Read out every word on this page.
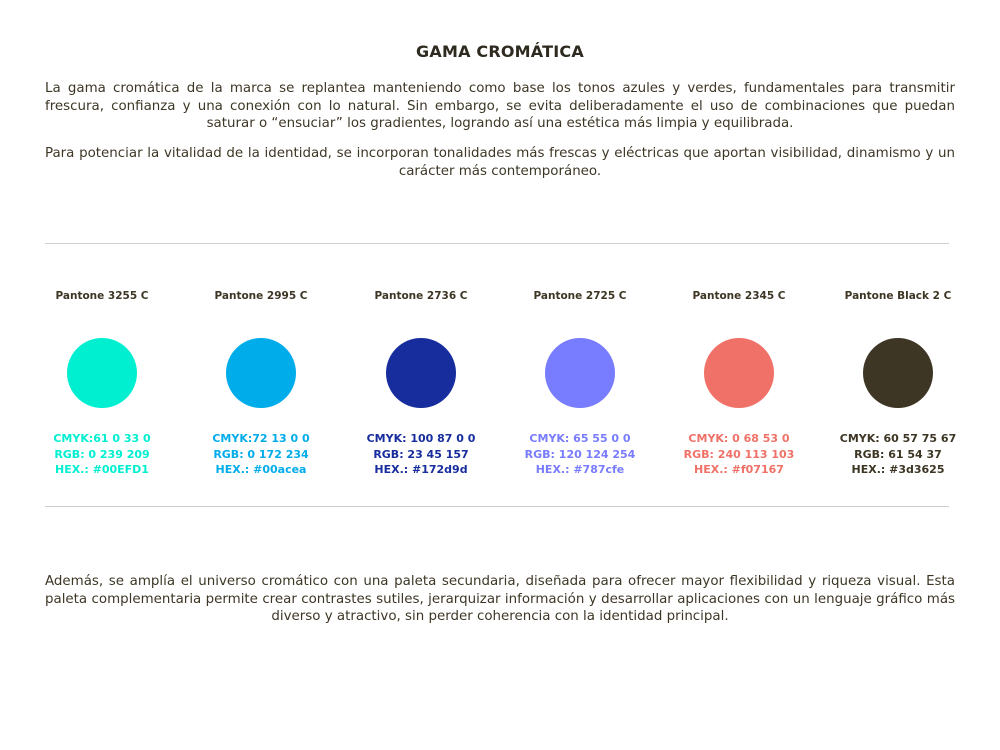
GAMA CROMÁTICA
La gama cromática de la marca se replantea manteniendo como base los tonos azules y verdes, fundamentales para transmitir frescura, confianza y una conexión con lo natural. Sin embargo, se evita deliberadamente el uso de combinaciones que puedan saturar o “ensuciar” los gradientes, logrando así una estética más limpia y equilibrada.
Para potenciar la vitalidad de la identidad, se incorporan tonalidades más frescas y eléctricas que aportan visibilidad, dinamismo y un carácter más contemporáneo.
Pantone 3255 C
CMYK:61 0 33 0
RGB: 0 239 209
HEX.: #00EFD1
Pantone 2995 C
CMYK:72 13 0 0
RGB: 0 172 234
HEX.: #00acea
Pantone 2736 C
CMYK: 100 87 0 0
RGB: 23 45 157
HEX.: #172d9d
Pantone 2725 C
CMYK: 65 55 0 0
RGB: 120 124 254
HEX.: #787cfe
Pantone 2345 C
CMYK: 0 68 53 0
RGB: 240 113 103
HEX.: #f07167
Pantone Black 2 C
CMYK: 60 57 75 67
RGB: 61 54 37
HEX.: #3d3625
Además, se amplía el universo cromático con una paleta secundaria, diseñada para ofrecer mayor flexibilidad y riqueza visual. Esta paleta complementaria permite crear contrastes sutiles, jerarquizar información y desarrollar aplicaciones con un lenguaje gráfico más diverso y atractivo, sin perder coherencia con la identidad principal.
